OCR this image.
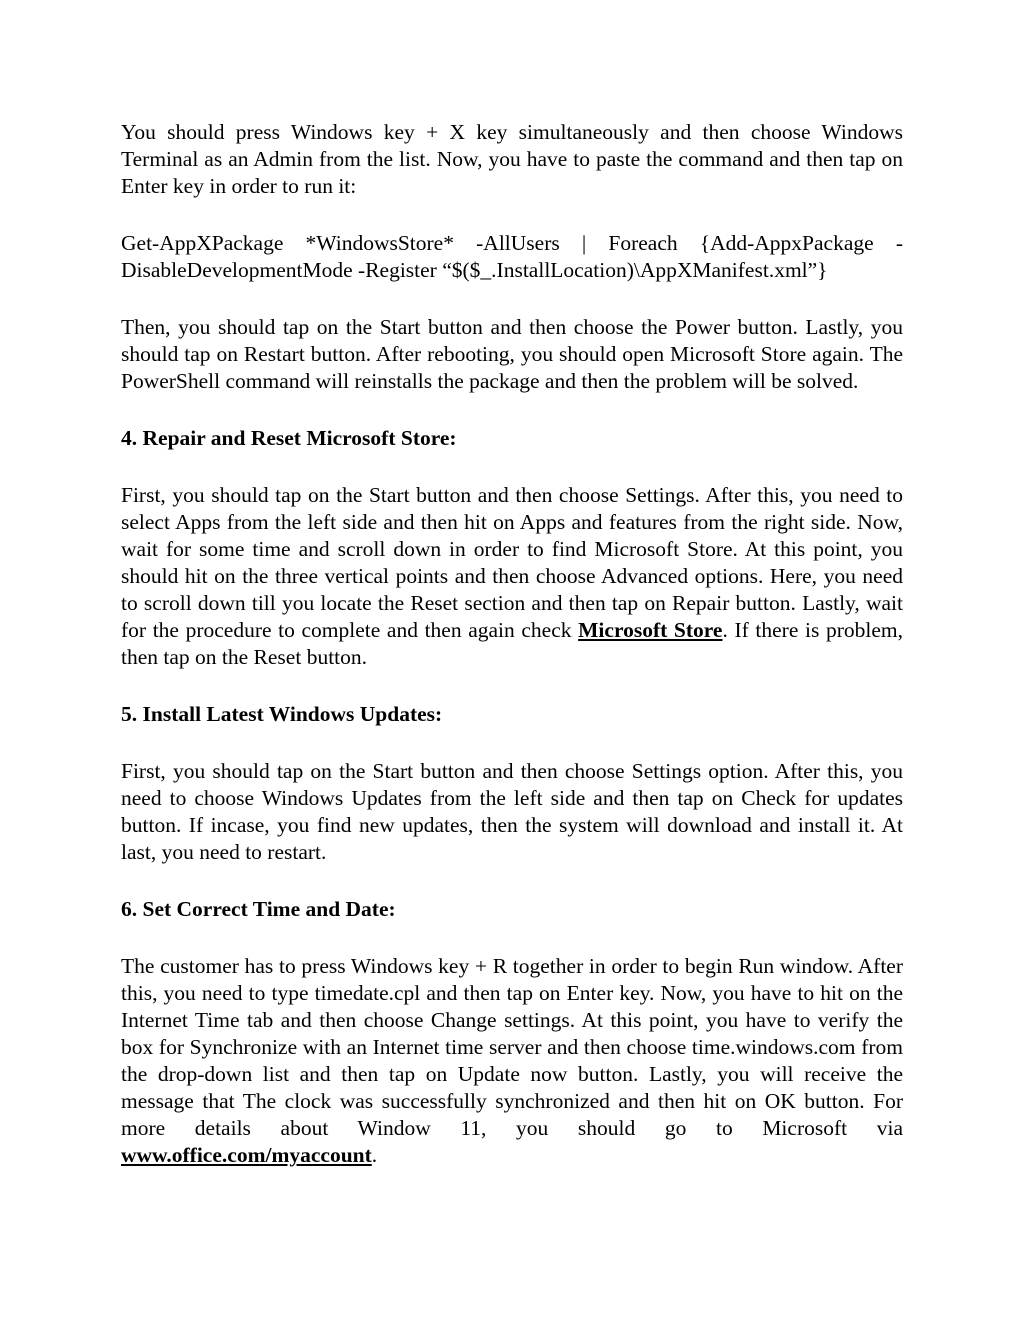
You should press Windows key + X key simultaneously and then choose Windows Terminal as an Admin from the list. Now, you have to paste the command and then tap on Enter key in order to run it:

Get-AppXPackage *WindowsStore* -AllUsers | Foreach {Add-AppxPackage -DisableDevelopmentMode -Register “$($_.InstallLocation)\AppXManifest.xml”}

Then, you should tap on the Start button and then choose the Power button. Lastly, you should tap on Restart button. After rebooting, you should open Microsoft Store again. The PowerShell command will reinstalls the package and then the problem will be solved.

4. Repair and Reset Microsoft Store:

First, you should tap on the Start button and then choose Settings. After this, you need to select Apps from the left side and then hit on Apps and features from the right side. Now, wait for some time and scroll down in order to find Microsoft Store. At this point, you should hit on the three vertical points and then choose Advanced options. Here, you need to scroll down till you locate the Reset section and then tap on Repair button. Lastly, wait for the procedure to complete and then again check Microsoft Store. If there is problem, then tap on the Reset button.

5. Install Latest Windows Updates:

First, you should tap on the Start button and then choose Settings option. After this, you need to choose Windows Updates from the left side and then tap on Check for updates button. If incase, you find new updates, then the system will download and install it. At last, you need to restart.

6. Set Correct Time and Date:

The customer has to press Windows key + R together in order to begin Run window. After this, you need to type timedate.cpl and then tap on Enter key. Now, you have to hit on the Internet Time tab and then choose Change settings. At this point, you have to verify the box for Synchronize with an Internet time server and then choose time.windows.com from the drop-down list and then tap on Update now button. Lastly, you will receive the message that The clock was successfully synchronized and then hit on OK button. For more details about Window 11, you should go to Microsoft via www.office.com/myaccount.
